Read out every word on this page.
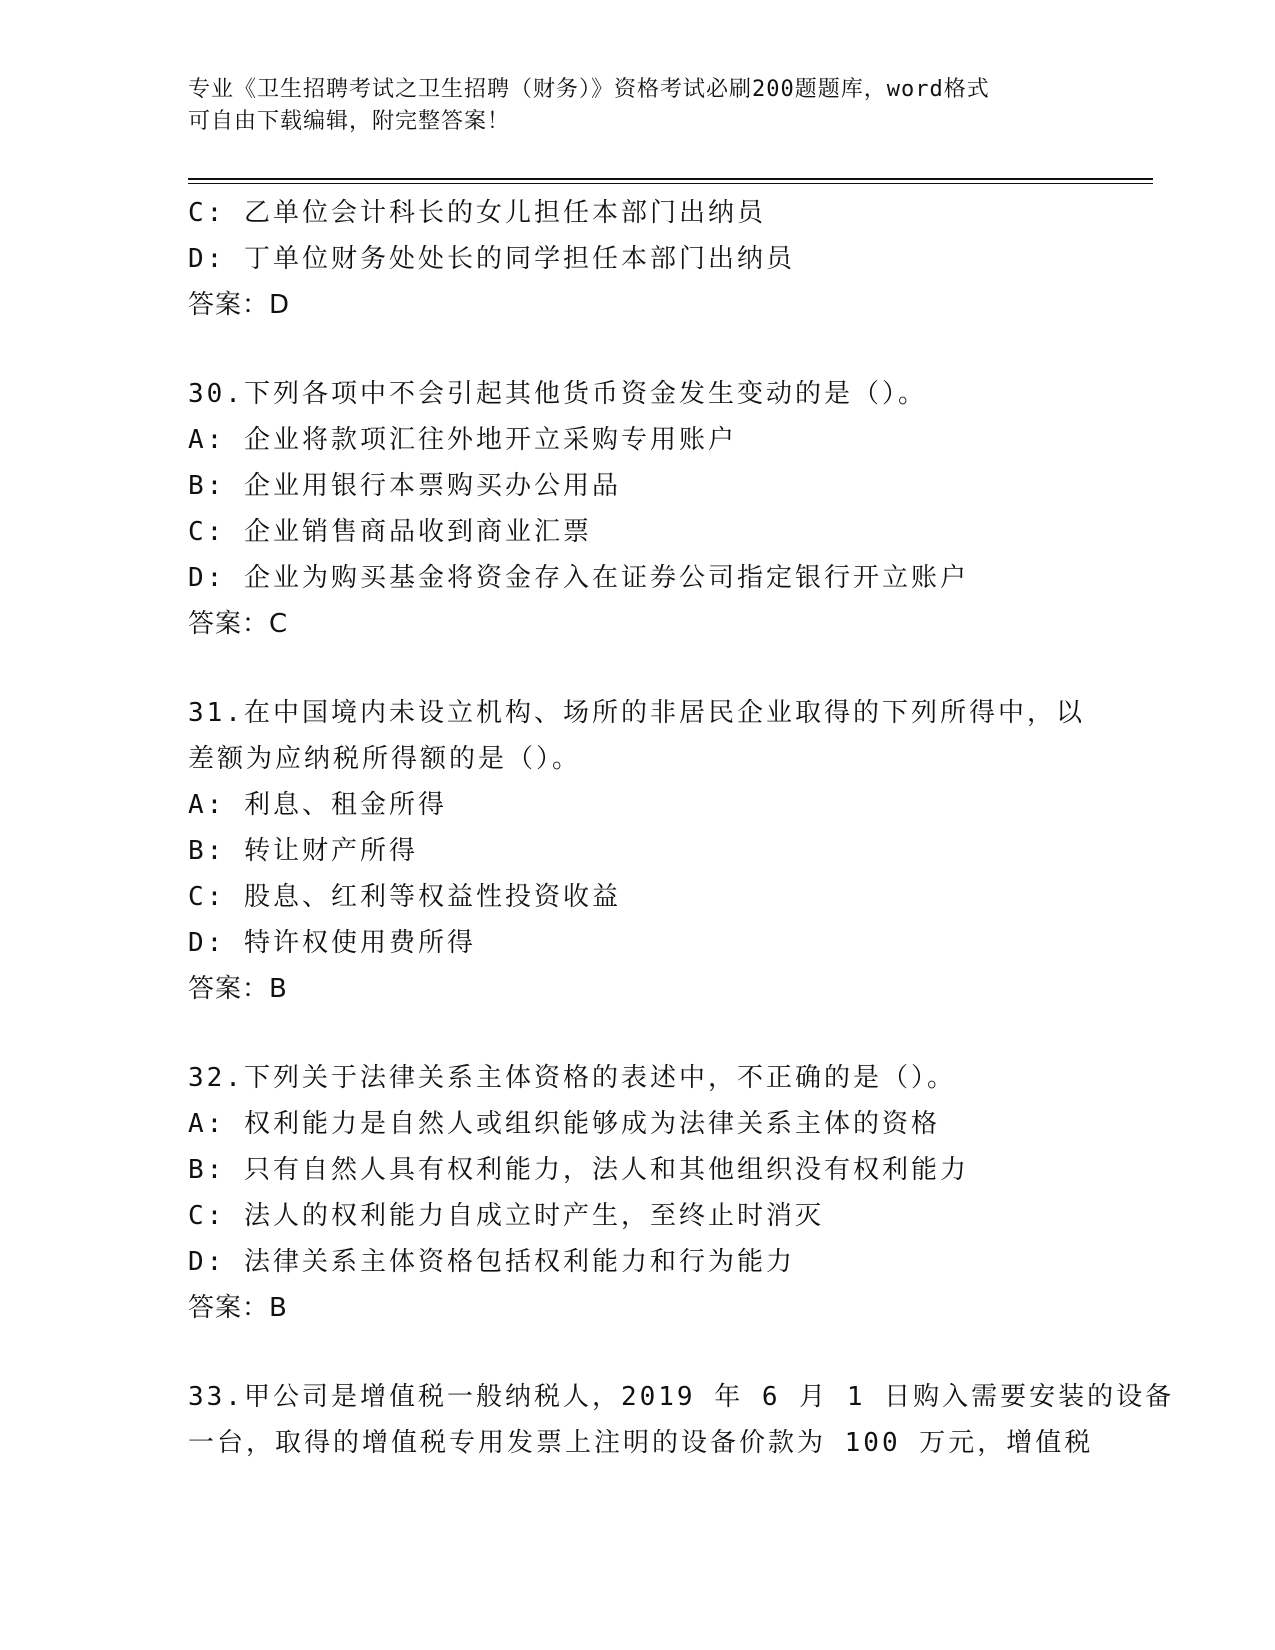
专业《卫生招聘考试之卫生招聘（财务）》资格考试必刷200题题库，word格式
可自由下载编辑，附完整答案！
C: 乙单位会计科长的女儿担任本部门出纳员
D: 丁单位财务处处长的同学担任本部门出纳员
答案：D
30.下列各项中不会引起其他货币资金发生变动的是（）。
A: 企业将款项汇往外地开立采购专用账户
B: 企业用银行本票购买办公用品
C: 企业销售商品收到商业汇票
D: 企业为购买基金将资金存入在证券公司指定银行开立账户
答案：C
31.在中国境内未设立机构、场所的非居民企业取得的下列所得中，以
差额为应纳税所得额的是（）。
A: 利息、租金所得
B: 转让财产所得
C: 股息、红利等权益性投资收益
D: 特许权使用费所得
答案：B
32.下列关于法律关系主体资格的表述中，不正确的是（）。
A: 权利能力是自然人或组织能够成为法律关系主体的资格
B: 只有自然人具有权利能力，法人和其他组织没有权利能力
C: 法人的权利能力自成立时产生，至终止时消灭
D: 法律关系主体资格包括权利能力和行为能力
答案：B
33.甲公司是增值税一般纳税人，2019 年 6 月 1 日购入需要安装的设备
一台，取得的增值税专用发票上注明的设备价款为 100 万元，增值税
